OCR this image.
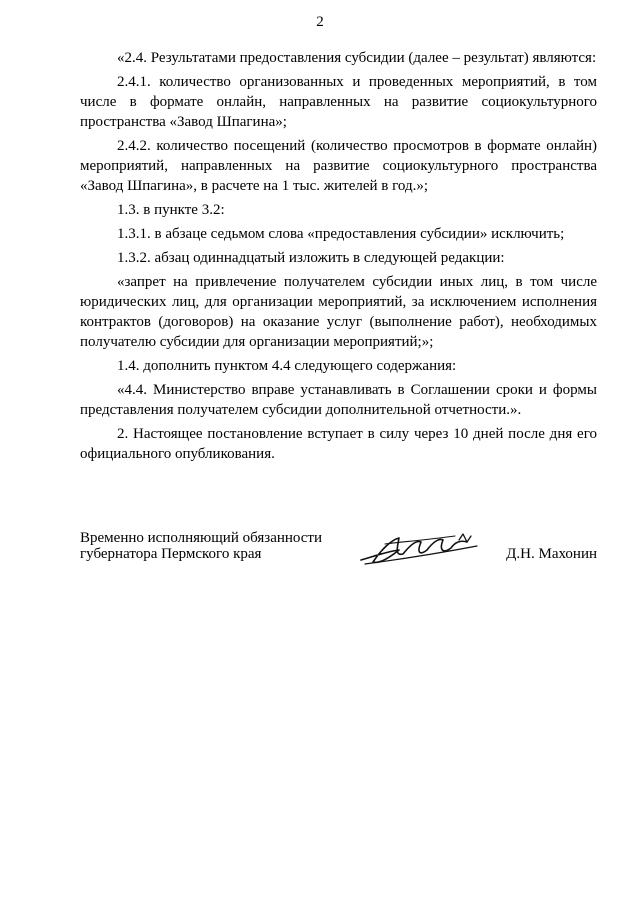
2

«2.4. Результатами предоставления субсидии (далее – результат) являются:

2.4.1. количество организованных и проведенных мероприятий, в том числе в формате онлайн, направленных на развитие социокультурного пространства «Завод Шпагина»;

2.4.2. количество посещений (количество просмотров в формате онлайн) мероприятий, направленных на развитие социокультурного пространства «Завод Шпагина», в расчете на 1 тыс. жителей в год.»;

1.3. в пункте 3.2:

1.3.1. в абзаце седьмом слова «предоставления субсидии» исключить;

1.3.2. абзац одиннадцатый изложить в следующей редакции:

«запрет на привлечение получателем субсидии иных лиц, в том числе юридических лиц, для организации мероприятий, за исключением исполнения контрактов (договоров) на оказание услуг (выполнение работ), необходимых получателю субсидии для организации мероприятий;»;

1.4. дополнить пунктом 4.4 следующего содержания:

«4.4. Министерство вправе устанавливать в Соглашении сроки и формы представления получателем субсидии дополнительной отчетности.».

2. Настоящее постановление вступает в силу через 10 дней после дня его официального опубликования.

Временно исполняющий обязанности
губернатора Пермского края	Д.Н. Махонин
